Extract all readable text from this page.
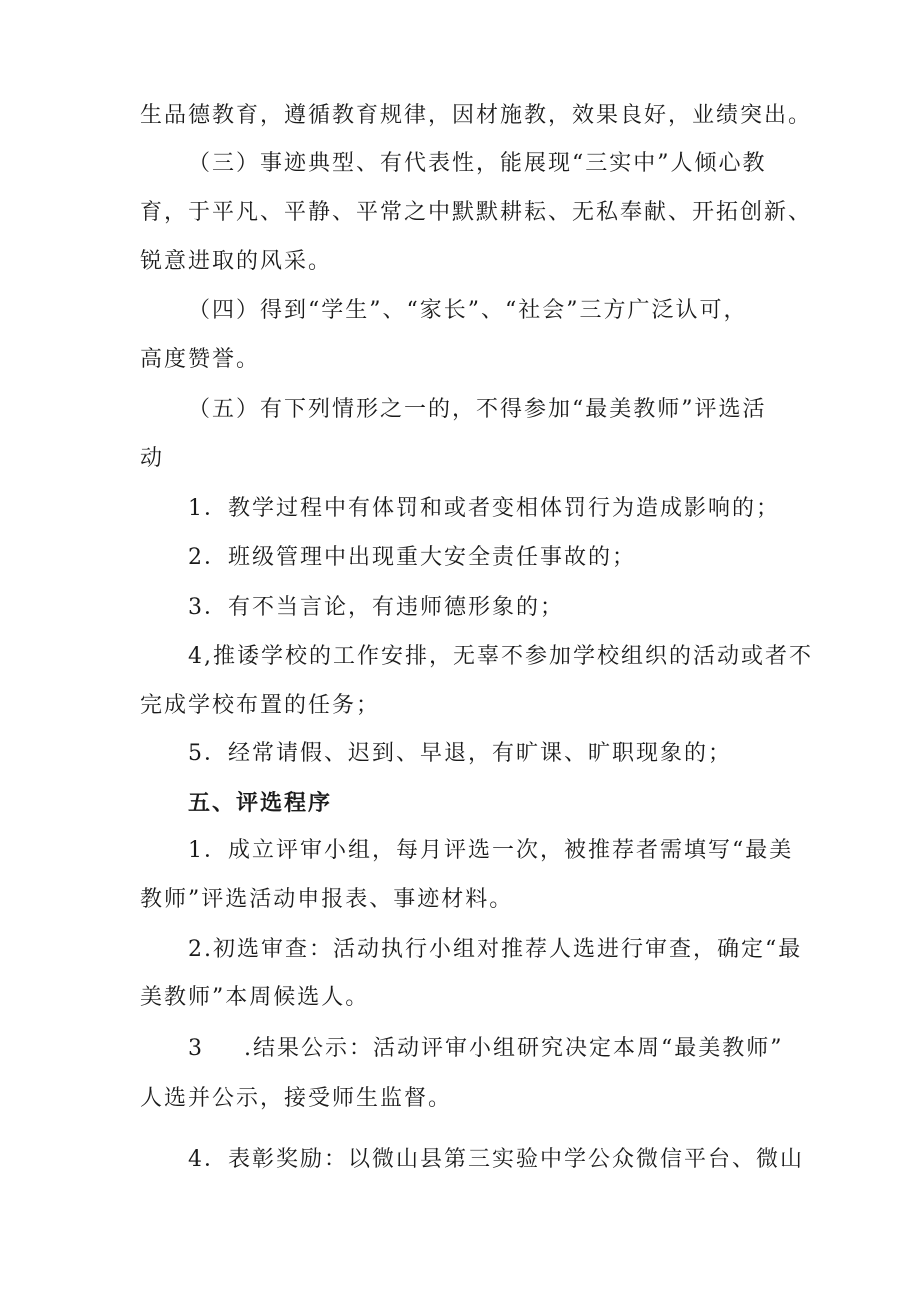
生品德教育，遵循教育规律，因材施教，效果良好，业绩突出。
（三）事迹典型、有代表性，能展现“三实中”人倾心教
育，于平凡、平静、平常之中默默耕耘、无私奉献、开拓创新、
锐意进取的风采。
（四）得到“学生”、“家长”、“社会”三方广泛认可，
高度赞誉。
（五）有下列情形之一的，不得参加“最美教师”评选活
动
1．教学过程中有体罚和或者变相体罚行为造成影响的；
2．班级管理中出现重大安全责任事故的；
3．有不当言论，有违师德形象的；
4,推诿学校的工作安排，无辜不参加学校组织的活动或者不
完成学校布置的任务；
5．经常请假、迟到、早退，有旷课、旷职现象的；
五、评选程序
1．成立评审小组，每月评选一次，被推荐者需填写“最美
教师”评选活动申报表、事迹材料。
2.初选审查：活动执行小组对推荐人选进行审查，确定“最
美教师”本周候选人。
3 .结果公示：活动评审小组研究决定本周“最美教师”
人选并公示，接受师生监督。
4．表彰奖励：以微山县第三实验中学公众微信平台、微山
